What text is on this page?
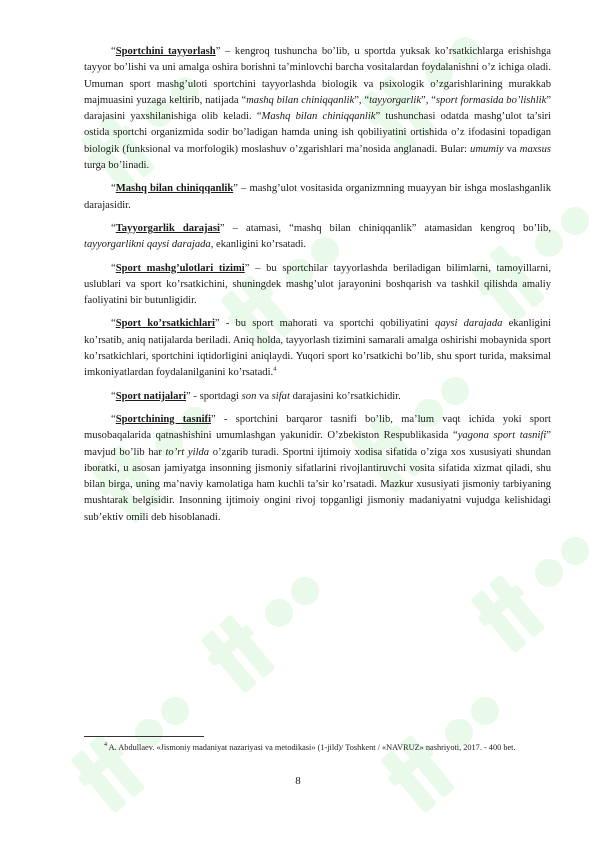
“Sportchini tayyorlash” – kengroq tushuncha bo’lib, u sportda yuksak ko’rsatkichlarga erishishga tayyor bo’lishi va uni amalga oshira borishni ta’minlovchi barcha vositalardan foydalanishni o’z ichiga oladi. Umuman sport mashg’uloti sportchini tayyorlashda biologik va psixologik o’zgarishlarining murakkab majmuasini yuzaga keltirib, natijada “mashq bilan chiniqqanlik”, “tayyorgarlik”, “sport formasida bo’lishlik” darajasini yaxshilanishiga olib keladi. “Mashq bilan chiniqqanlik” tushunchasi odatda mashg’ulot ta’siri ostida sportchi organizmida sodir bo’ladigan hamda uning ish qobiliyatini ortishida o’z ifodasini topadigan biologik (funksional va morfologik) moslashuv o’zgarishlari ma’nosida anglanadi. Bular: umumiy va maxsus turga bo’linadi.

“Mashq bilan chiniqqanlik” – mashg’ulot vositasida organizmning muayyan bir ishga moslashganlik darajasidir.

“Tayyorgarlik darajasi” – atamasi, “mashq bilan chiniqqanlik” atamasidan kengroq bo’lib, tayyorgarlikni qaysi darajada, ekanligini ko’rsatadi.

“Sport mashg’ulotlari tizimi” – bu sportchilar tayyorlashda beriladigan bilimlarni, tamoyillarni, uslublari va sport ko’rsatkichini, shuningdek mashg’ulot jarayonini boshqarish va tashkil qilishda amaliy faoliyatini bir butunligidir.

“Sport ko’rsatkichlari” - bu sport mahorati va sportchi qobiliyatini qaysi darajada ekanligini ko’rsatib, aniq natijalarda beriladi. Aniq holda, tayyorlash tizimini samarali amalga oshirishi mobaynida sport ko’rsatkichlari, sportchini iqtidorligini aniqlaydi. Yuqori sport ko’rsatkichi bo’lib, shu sport turida, maksimal imkoniyatlardan foydalanilganini ko’rsatadi.$^4$

“Sport natijalari” - sportdagi son va sifat darajasini ko’rsatkichidir.

“Sportchining tasnifi” - sportchini barqaror tasnifi bo’lib, ma’lum vaqt ichida yoki sport musobaqalarida qatnashishini umumlashgan yakunidir. O’zbekiston Respublikasida “yagona sport tasnifi” mavjud bo’lib har to’rt yilda o’zgarib turadi. Sportni ijtimoiy xodisa sifatida o’ziga xos xususiyati shundan iboratki, u asosan jamiyatga insonning jismoniy sifatlarini rivojlantiruvchi vosita sifatida xizmat qiladi, shu bilan birga, uning ma’naviy kamolatiga ham kuchli ta’sir ko’rsatadi. Mazkur xususiyati jismoniy tarbiyaning mushtarak belgisidir. Insonning ijtimoiy ongini rivoj topganligi jismoniy madaniyatni vujudga kelishidagi sub’ektiv omili deb hisoblanadi.

$^4$ A. Abdullaev. «Jismoniy madaniyat nazariyasi va metodikasi» (1-jild)/ Toshkent / «NAVRUZ» nashriyoti, 2017. - 400 bet.

8
